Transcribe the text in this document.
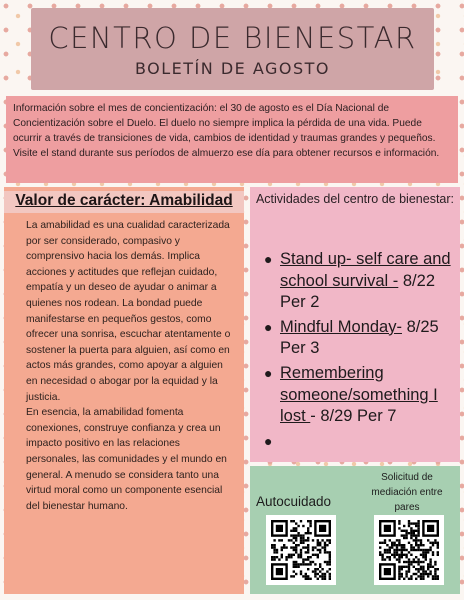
CENTRO DE BIENESTAR
BOLETÍN DE AGOSTO

Información sobre el mes de concientización: el 30 de agosto es el Día Nacional de Concientización sobre el Duelo. El duelo no siempre implica la pérdida de una vida. Puede ocurrir a través de transiciones de vida, cambios de identidad y traumas grandes y pequeños. Visite el stand durante sus períodos de almuerzo ese día para obtener recursos e información.

Valor de carácter: Amabilidad

La amabilidad es una cualidad caracterizada por ser considerado, compasivo y comprensivo hacia los demás. Implica acciones y actitudes que reflejan cuidado, empatía y un deseo de ayudar o animar a quienes nos rodean. La bondad puede manifestarse en pequeños gestos, como ofrecer una sonrisa, escuchar atentamente o sostener la puerta para alguien, así como en actos más grandes, como apoyar a alguien en necesidad o abogar por la equidad y la justicia.

En esencia, la amabilidad fomenta conexiones, construye confianza y crea un impacto positivo en las relaciones personales, las comunidades y el mundo en general. A menudo se considera tanto una virtud moral como un componente esencial del bienestar humano.

Actividades del centro de bienestar:
● Stand up- self care and school survival - 8/22 Per 2
● Mindful Monday- 8/25 Per 3
● Remembering someone/something I lost - 8/29 Per 7
●
Autocuidado
Solicitud de mediación entre pares
